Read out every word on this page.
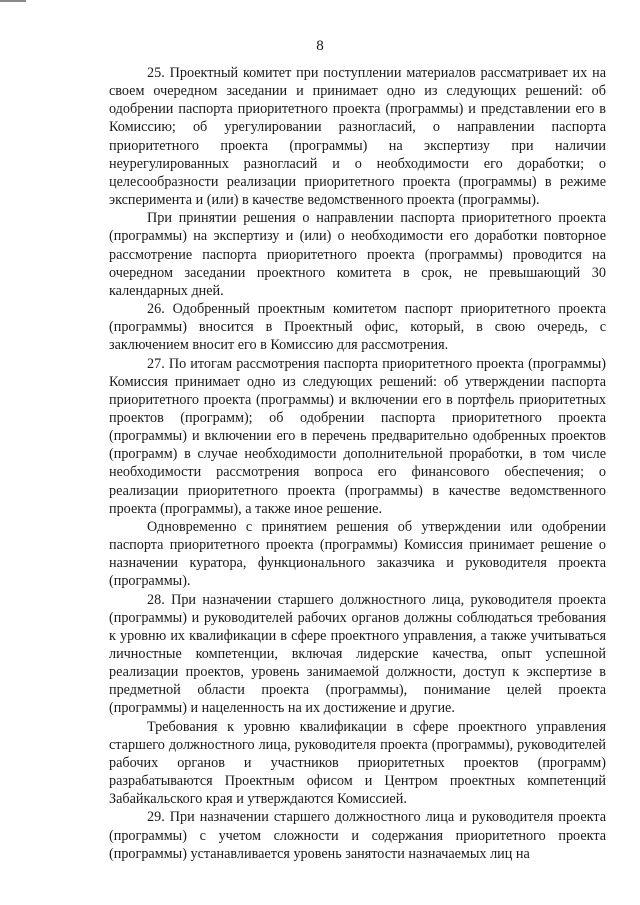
8

25. Проектный комитет при поступлении материалов рассматривает их на своем очередном заседании и принимает одно из следующих решений: об одобрении паспорта приоритетного проекта (программы) и представлении его в Комиссию; об урегулировании разногласий, о направлении паспорта приоритетного проекта (программы) на экспертизу при наличии неурегулированных разногласий и о необходимости его доработки; о целесообразности реализации приоритетного проекта (программы) в режиме эксперимента и (или) в качестве ведомственного проекта (программы).

При принятии решения о направлении паспорта приоритетного проекта (программы) на экспертизу и (или) о необходимости его доработки повторное рассмотрение паспорта приоритетного проекта (программы) проводится на очередном заседании проектного комитета в срок, не превышающий 30 календарных дней.

26. Одобренный проектным комитетом паспорт приоритетного проекта (программы) вносится в Проектный офис, который, в свою очередь, с заключением вносит его в Комиссию для рассмотрения.

27. По итогам рассмотрения паспорта приоритетного проекта (программы) Комиссия принимает одно из следующих решений: об утверждении паспорта приоритетного проекта (программы) и включении его в портфель приоритетных проектов (программ); об одобрении паспорта приоритетного проекта (программы) и включении его в перечень предварительно одобренных проектов (программ) в случае необходимости дополнительной проработки, в том числе необходимости рассмотрения вопроса его финансового обеспечения; о реализации приоритетного проекта (программы) в качестве ведомственного проекта (программы), а также иное решение.

Одновременно с принятием решения об утверждении или одобрении паспорта приоритетного проекта (программы) Комиссия принимает решение о назначении куратора, функционального заказчика и руководителя проекта (программы).

28. При назначении старшего должностного лица, руководителя проекта (программы) и руководителей рабочих органов должны соблюдаться требования к уровню их квалификации в сфере проектного управления, а также учитываться личностные компетенции, включая лидерские качества, опыт успешной реализации проектов, уровень занимаемой должности, доступ к экспертизе в предметной области проекта (программы), понимание целей проекта (программы) и нацеленность на их достижение и другие.

Требования к уровню квалификации в сфере проектного управления старшего должностного лица, руководителя проекта (программы), руководителей рабочих органов и участников приоритетных проектов (программ) разрабатываются Проектным офисом и Центром проектных компетенций Забайкальского края и утверждаются Комиссией.

29. При назначении старшего должностного лица и руководителя проекта (программы) с учетом сложности и содержания приоритетного проекта (программы) устанавливается уровень занятости назначаемых лиц на
